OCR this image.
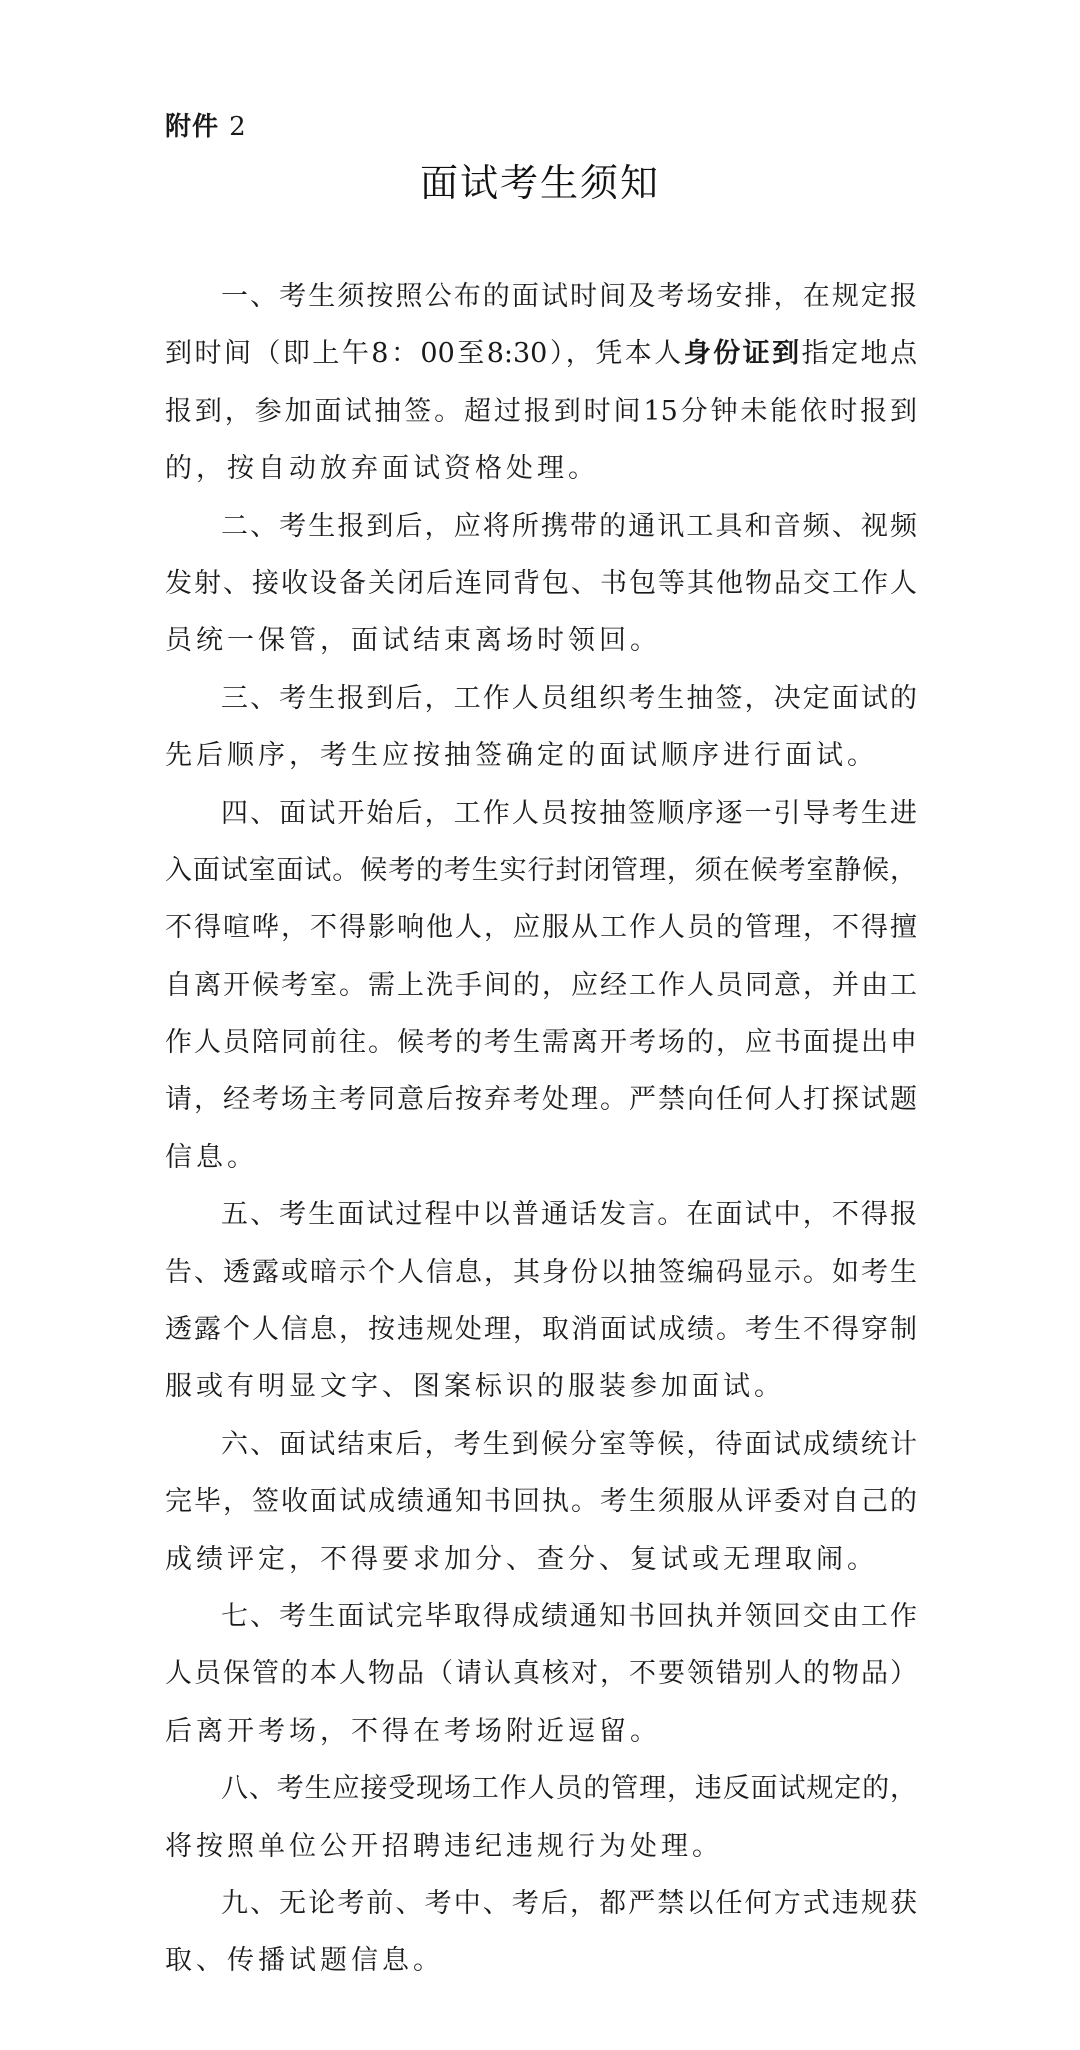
附件 2
面试考生须知
一、考生须按照公布的面试时间及考场安排，在规定报
到时间（即上午8：00至8:30），凭本人身份证到指定地点
报到，参加面试抽签。超过报到时间15分钟未能依时报到
的，按自动放弃面试资格处理。
二、考生报到后，应将所携带的通讯工具和音频、视频
发射、接收设备关闭后连同背包、书包等其他物品交工作人
员统一保管，面试结束离场时领回。
三、考生报到后，工作人员组织考生抽签，决定面试的
先后顺序，考生应按抽签确定的面试顺序进行面试。
四、面试开始后，工作人员按抽签顺序逐一引导考生进
入面试室面试。候考的考生实行封闭管理，须在候考室静候，
不得喧哗，不得影响他人，应服从工作人员的管理，不得擅
自离开候考室。需上洗手间的，应经工作人员同意，并由工
作人员陪同前往。候考的考生需离开考场的，应书面提出申
请，经考场主考同意后按弃考处理。严禁向任何人打探试题
信息。
五、考生面试过程中以普通话发言。在面试中，不得报
告、透露或暗示个人信息，其身份以抽签编码显示。如考生
透露个人信息，按违规处理，取消面试成绩。考生不得穿制
服或有明显文字、图案标识的服装参加面试。
六、面试结束后，考生到候分室等候，待面试成绩统计
完毕，签收面试成绩通知书回执。考生须服从评委对自己的
成绩评定，不得要求加分、查分、复试或无理取闹。
七、考生面试完毕取得成绩通知书回执并领回交由工作
人员保管的本人物品（请认真核对，不要领错别人的物品）
后离开考场，不得在考场附近逗留。
八、考生应接受现场工作人员的管理，违反面试规定的，
将按照单位公开招聘违纪违规行为处理。
九、无论考前、考中、考后，都严禁以任何方式违规获
取、传播试题信息。
